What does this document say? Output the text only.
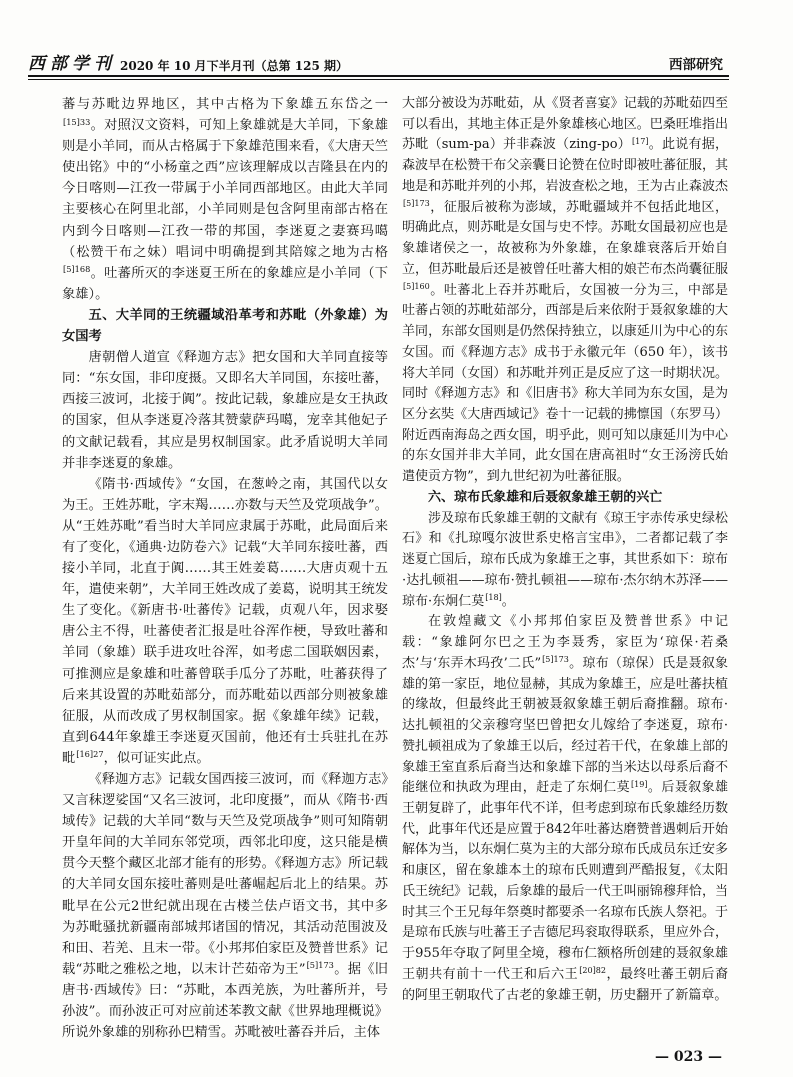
西部学刊 2020 年 10 月下半月刊（总第 125 期）	西部研究

蕃与苏毗边界地区，其中古格为下象雄五东岱之一$^{[15]33}$。对照汉文资料，可知上象雄就是大羊同，下象雄则是小羊同，而从古格属于下象雄范围来看，《大唐天竺使出铭》中的“小杨童之西”应该理解成以吉隆县在内的今日喀则—江孜一带属于小羊同西部地区。由此大羊同主要核心在阿里北部，小羊同则是包含阿里南部古格在内到今日喀则—江孜一带的邦国，李迷夏之妻赛玛噶（松赞干布之妹）唱词中明确提到其陪嫁之地为古格$^{[5]168}$。吐蕃所灭的李迷夏王所在的象雄应是小羊同（下象雄）。

五、大羊同的王统疆域沿革考和苏毗（外象雄）为女国考

唐朝僧人道宣《释迦方志》把女国和大羊同直接等同：“东女国，非印度摄。又即名大羊同国，东接吐蕃，西接三波诃，北接于阗”。按此记载，象雄应是女王执政的国家，但从李迷夏冷落其赞蒙萨玛噶，宠幸其他妃子的文献记载看，其应是男权制国家。此矛盾说明大羊同并非李迷夏的象雄。

《隋书·西域传》“女国，在葱岭之南，其国代以女为王。王姓苏毗，字末羯……亦数与天竺及党项战争”。从“王姓苏毗”看当时大羊同应隶属于苏毗，此局面后来有了变化，《通典·边防卷六》记载“大羊同东接吐蕃，西接小羊同，北直于阗……其王姓姜葛……大唐贞观十五年，遣使来朝”，大羊同王姓改成了姜葛，说明其王统发生了变化。《新唐书·吐蕃传》记载，贞观八年，因求娶唐公主不得，吐蕃使者汇报是吐谷浑作梗，导致吐蕃和羊同（象雄）联手进攻吐谷浑，如考虑二国联姻因素，可推测应是象雄和吐蕃曾联手瓜分了苏毗，吐蕃获得了后来其设置的苏毗茹部分，而苏毗茹以西部分则被象雄征服，从而改成了男权制国家。据《象雄年续》记载，直到644年象雄王李迷夏灭国前，他还有士兵驻扎在苏毗$^{[16]27}$，似可证实此点。

《释迦方志》记载女国西接三波诃，而《释迦方志》又言秣逻娑国“又名三波诃，北印度摄”，而从《隋书·西域传》记载的大羊同“数与天竺及党项战争”则可知隋朝开皇年间的大羊同东邻党项，西邻北印度，这只能是横贯今天整个藏区北部才能有的形势。《释迦方志》所记载的大羊同女国东接吐蕃则是吐蕃崛起后北上的结果。苏毗早在公元2世纪就出现在古楼兰佉卢语文书，其中多为苏毗骚扰新疆南部城邦诸国的情况，其活动范围波及和田、若羌、且末一带。《小邦邦伯家臣及赞普世系》记载“苏毗之雅松之地，以末计芒茹帝为王”$^{[5]173}$。据《旧唐书·西域传》曰：“苏毗，本西羌族，为吐蕃所并，号孙波”。而孙波正可对应前述苯教文献《世界地理概说》所说外象雄的别称孙巴精雪。苏毗被吐蕃吞并后，主体

大部分被设为苏毗茹，从《贤者喜宴》记载的苏毗茹四至可以看出，其地主体正是外象雄核心地区。巴桑旺堆指出苏毗（sum-pa）并非森波（zing-po）[17]。此说有据，森波早在松赞干布父亲囊日论赞在位时即被吐蕃征服，其地是和苏毗并列的小邦，岩波查松之地，王为古止森波杰$^{[5]173}$，征服后被称为澎域，苏毗疆域并不包括此地区，明确此点，则苏毗是女国与史不悖。苏毗女国最初应也是象雄诸侯之一，故被称为外象雄，在象雄衰落后开始自立，但苏毗最后还是被曾任吐蕃大相的娘芒布杰尚囊征服$^{[5]160}$。吐蕃北上吞并苏毗后，女国被一分为三，中部是吐蕃占领的苏毗茹部分，西部是后来依附于聂叙象雄的大羊同，东部女国则是仍然保持独立，以康延川为中心的东女国。而《释迦方志》成书于永徽元年（650 年），该书将大羊同（女国）和苏毗并列正是反应了这一时期状况。同时《释迦方志》和《旧唐书》称大羊同为东女国，是为区分玄奘《大唐西域记》卷十一记载的拂懔国（东罗马）附近西南海岛之西女国，明乎此，则可知以康延川为中心的东女国并非大羊同，此女国在唐高祖时“女王汤滂氏始遣使贡方物”，到九世纪初为吐蕃征服。

六、琼布氏象雄和后聂叙象雄王朝的兴亡

涉及琼布氏象雄王朝的文献有《琼王宇赤传承史绿松石》和《扎琼嘎尔波世系史格言宝串》，二者都记载了李迷夏亡国后，琼布氏成为象雄王之事，其世系如下：琼布·达扎顿祖——琼布·赞扎顿祖——琼布·杰尔纳木苏泽——琼布·东炯仁莫[18]。

在敦煌藏文《小邦邦伯家臣及赞普世系》中记载：“象雄阿尔巴之王为李聂秀，家臣为‘琼保·若桑杰’与‘东弄木玛孜’二氏”$^{[5]173}$。琼布（琼保）氏是聂叙象雄的第一家臣，地位显赫，其成为象雄王，应是吐蕃扶植的缘故，但最终此王朝被聂叙象雄王朝后裔推翻。琼布·达扎顿祖的父亲穆穹坚巴曾把女儿嫁给了李迷夏，琼布·赞扎顿祖成为了象雄王以后，经过若干代，在象雄上部的象雄王室直系后裔当达和象雄下部的当米达以母系后裔不能继位和执政为理由，赶走了东炯仁莫[19]。后聂叙象雄王朝复辟了，此事年代不详，但考虑到琼布氏象雄经历数代，此事年代还是应置于842年吐蕃达磨赞普遇刺后开始解体为当，以东炯仁莫为主的大部分琼布氏成员东迁安多和康区，留在象雄本土的琼布氏则遭到严酷报复，《太阳氏王统纪》记载，后象雄的最后一代王叫丽锦穆拜恰，当时其三个王兄每年祭奠时都要杀一名琼布氏族人祭祀。于是琼布氏族与吐蕃王子吉德尼玛衮取得联系，里应外合，于955年夺取了阿里全境，穆布仁额格所创建的聂叙象雄王朝共有前十一代王和后六王$^{[20]82}$，最终吐蕃王朝后裔的阿里王朝取代了古老的象雄王朝，历史翻开了新篇章。

— 023 —
